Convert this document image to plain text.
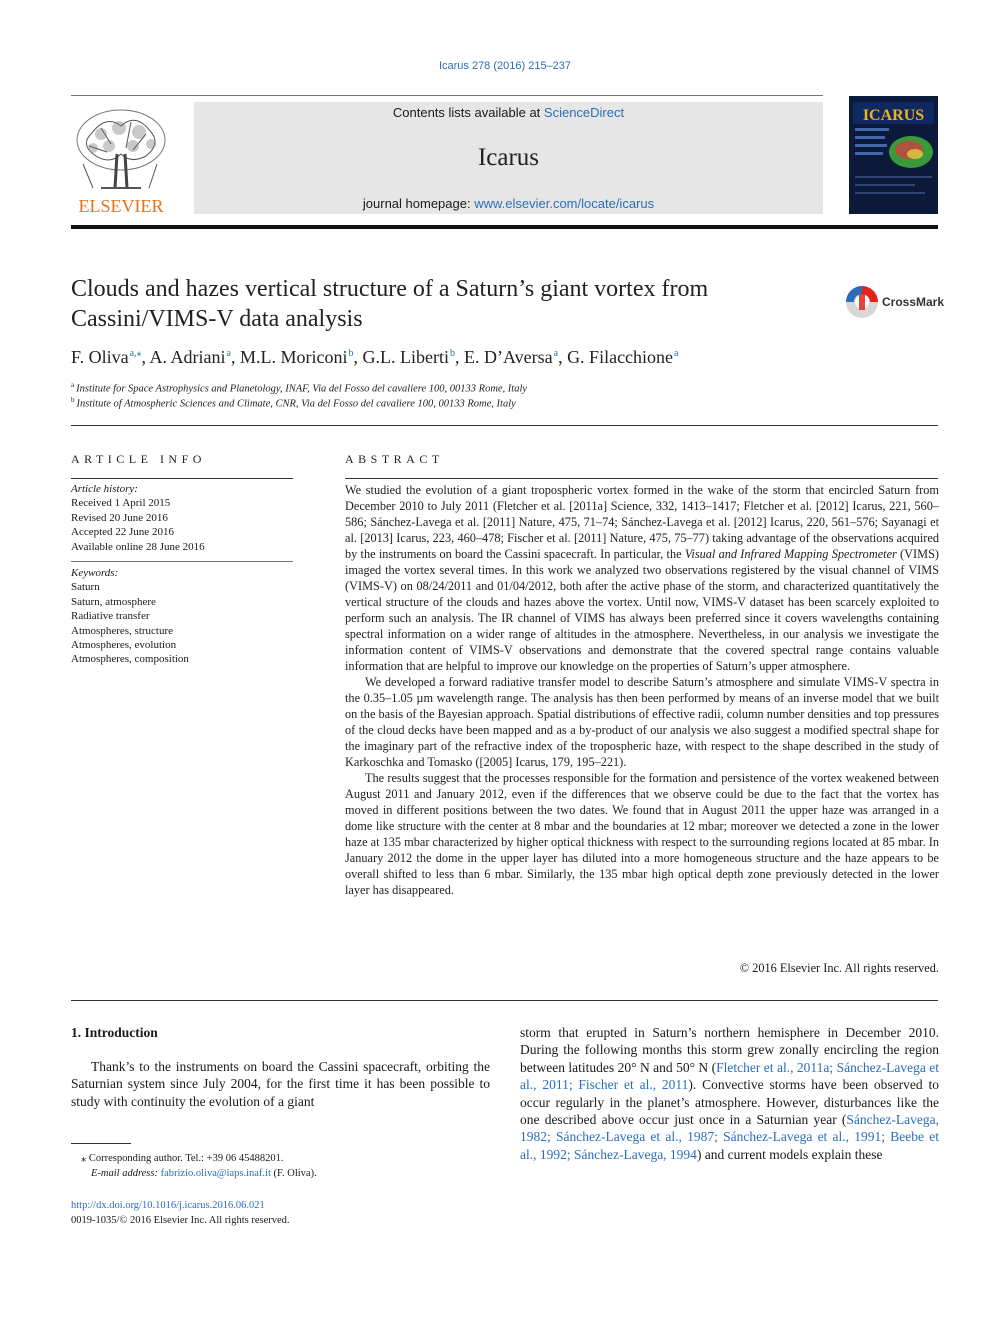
Icarus 278 (2016) 215–237
ELSEVIER
Contents lists available at ScienceDirect
Icarus
journal homepage: www.elsevier.com/locate/icarus
ICARUS
Clouds and hazes vertical structure of a Saturn’s giant vortex from Cassini/VIMS-V data analysis
CrossMark
F. Oliva$^{a,⁎}$, A. Adriani$^a$, M.L. Moriconi$^b$, G.L. Liberti$^b$, E. D’Aversa$^a$, G. Filacchione$^a$
$^a$ Institute for Space Astrophysics and Planetology, INAF, Via del Fosso del cavaliere 100, 00133 Rome, Italy
$^b$ Institute of Atmospheric Sciences and Climate, CNR, Via del Fosso del cavaliere 100, 00133 Rome, Italy
ARTICLE INFO
Article history:
Received 1 April 2015
Revised 20 June 2016
Accepted 22 June 2016
Available online 28 June 2016
Keywords:
Saturn
Saturn, atmosphere
Radiative transfer
Atmospheres, structure
Atmospheres, evolution
Atmospheres, composition
ABSTRACT

We studied the evolution of a giant tropospheric vortex formed in the wake of the storm that encircled Saturn from December 2010 to July 2011 (Fletcher et al. [2011a] Science, 332, 1413–1417; Fletcher et al. [2012] Icarus, 221, 560–586; Sánchez-Lavega et al. [2011] Nature, 475, 71–74; Sánchez-Lavega et al. [2012] Icarus, 220, 561–576; Sayanagi et al. [2013] Icarus, 223, 460–478; Fischer et al. [2011] Nature, 475, 75–77) taking advantage of the observations acquired by the instruments on board the Cassini spacecraft. In particular, the Visual and Infrared Mapping Spectrometer (VIMS) imaged the vortex several times. In this work we analyzed two observations registered by the visual channel of VIMS (VIMS-V) on 08/24/2011 and 01/04/2012, both after the active phase of the storm, and characterized quantitatively the vertical structure of the clouds and hazes above the vortex. Until now, VIMS-V dataset has been scarcely exploited to perform such an analysis. The IR channel of VIMS has always been preferred since it covers wavelengths containing spectral information on a wider range of altitudes in the atmosphere. Nevertheless, in our analysis we investigate the information content of VIMS-V observations and demonstrate that the covered spectral range contains valuable information that are helpful to improve our knowledge on the properties of Saturn’s upper atmosphere.

We developed a forward radiative transfer model to describe Saturn’s atmosphere and simulate VIMS-V spectra in the 0.35–1.05 µm wavelength range. The analysis has then been performed by means of an inverse model that we built on the basis of the Bayesian approach. Spatial distributions of effective radii, column number densities and top pressures of the cloud decks have been mapped and as a by-product of our analysis we also suggest a modified spectral shape for the imaginary part of the refractive index of the tropospheric haze, with respect to the shape described in the study of Karkoschka and Tomasko ([2005] Icarus, 179, 195–221).

The results suggest that the processes responsible for the formation and persistence of the vortex weakened between August 2011 and January 2012, even if the differences that we observe could be due to the fact that the vortex has moved in different positions between the two dates. We found that in August 2011 the upper haze was arranged in a dome like structure with the center at 8 mbar and the boundaries at 12 mbar; moreover we detected a zone in the lower haze at 135 mbar characterized by higher optical thickness with respect to the surrounding regions located at 85 mbar. In January 2012 the dome in the upper layer has diluted into a more homogeneous structure and the haze appears to be overall shifted to less than 6 mbar. Similarly, the 135 mbar high optical depth zone previously detected in the lower layer has disappeared.

© 2016 Elsevier Inc. All rights reserved.
1. Introduction

Thank’s to the instruments on board the Cassini spacecraft, orbiting the Saturnian system since July 2004, for the first time it has been possible to study with continuity the evolution of a giant

storm that erupted in Saturn’s northern hemisphere in December 2010. During the following months this storm grew zonally encircling the region between latitudes 20° N and 50° N (Fletcher et al., 2011a; Sánchez-Lavega et al., 2011; Fischer et al., 2011). Convective storms have been observed to occur regularly in the planet’s atmosphere. However, disturbances like the one described above occur just once in a Saturnian year (Sánchez-Lavega, 1982; Sánchez-Lavega et al., 1987; Sánchez-Lavega et al., 1991; Beebe et al., 1992; Sánchez-Lavega, 1994) and current models explain these

⁎ Corresponding author. Tel.: +39 06 45488201.
E-mail address: fabrizio.oliva@iaps.inaf.it (F. Oliva).
http://dx.doi.org/10.1016/j.icarus.2016.06.021
0019-1035/© 2016 Elsevier Inc. All rights reserved.
